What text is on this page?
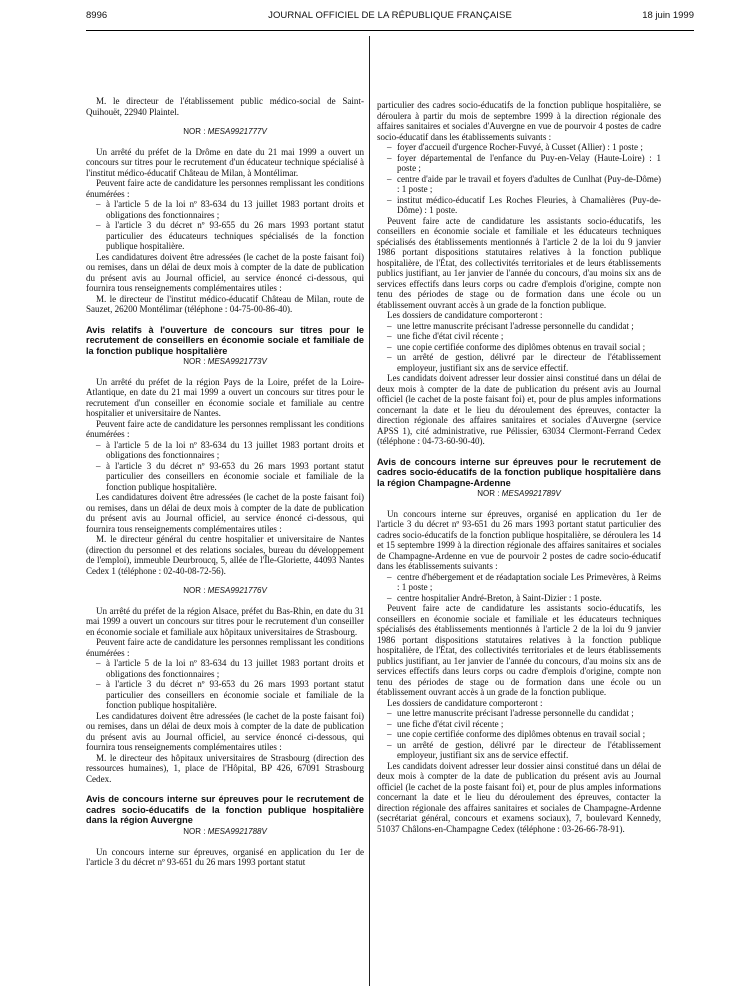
8996	JOURNAL OFFICIEL DE LA RÉPUBLIQUE FRANÇAISE	18 juin 1999

M. le directeur de l'établissement public médico-social de Saint-Quihouët, 22940 Plaintel.

NOR : MESA9921777V

Un arrêté du préfet de la Drôme en date du 21 mai 1999 a ouvert un concours sur titres pour le recrutement d'un éducateur technique spécialisé à l'institut médico-éducatif Château de Milan, à Montélimar.

Peuvent faire acte de candidature les personnes remplissant les conditions énumérées :

– à l'article 5 de la loi nº 83-634 du 13 juillet 1983 portant droits et obligations des fonctionnaires ;
– à l'article 3 du décret nº 93-655 du 26 mars 1993 portant statut particulier des éducateurs techniques spécialisés de la fonction publique hospitalière.

Les candidatures doivent être adressées (le cachet de la poste faisant foi) ou remises, dans un délai de deux mois à compter de la date de publication du présent avis au Journal officiel, au service énoncé ci-dessous, qui fournira tous renseignements complémentaires utiles :

M. le directeur de l'institut médico-éducatif Château de Milan, route de Sauzet, 26200 Montélimar (téléphone : 04-75-00-86-40).

Avis relatifs à l'ouverture de concours sur titres pour le recrutement de conseillers en économie sociale et familiale de la fonction publique hospitalière
NOR : MESA9921773V

Un arrêté du préfet de la région Pays de la Loire, préfet de la Loire-Atlantique, en date du 21 mai 1999 a ouvert un concours sur titres pour le recrutement d'un conseiller en économie sociale et familiale au centre hospitalier et universitaire de Nantes.

Peuvent faire acte de candidature les personnes remplissant les conditions énumérées :

– à l'article 5 de la loi nº 83-634 du 13 juillet 1983 portant droits et obligations des fonctionnaires ;
– à l'article 3 du décret nº 93-653 du 26 mars 1993 portant statut particulier des conseillers en économie sociale et familiale de la fonction publique hospitalière.

Les candidatures doivent être adressées (le cachet de la poste faisant foi) ou remises, dans un délai de deux mois à compter de la date de publication du présent avis au Journal officiel, au service énoncé ci-dessous, qui fournira tous renseignements complémentaires utiles :

M. le directeur général du centre hospitalier et universitaire de Nantes (direction du personnel et des relations sociales, bureau du développement de l'emploi), immeuble Deurbroucq, 5, allée de l'Île-Gloriette, 44093 Nantes Cedex 1 (téléphone : 02-40-08-72-56).

NOR : MESA9921776V

Un arrêté du préfet de la région Alsace, préfet du Bas-Rhin, en date du 31 mai 1999 a ouvert un concours sur titres pour le recrutement d'un conseiller en économie sociale et familiale aux hôpitaux universitaires de Strasbourg.

Peuvent faire acte de candidature les personnes remplissant les conditions énumérées :

– à l'article 5 de la loi nº 83-634 du 13 juillet 1983 portant droits et obligations des fonctionnaires ;
– à l'article 3 du décret nº 93-653 du 26 mars 1993 portant statut particulier des conseillers en économie sociale et familiale de la fonction publique hospitalière.

Les candidatures doivent être adressées (le cachet de la poste faisant foi) ou remises, dans un délai de deux mois à compter de la date de publication du présent avis au Journal officiel, au service énoncé ci-dessous, qui fournira tous renseignements complémentaires utiles :

M. le directeur des hôpitaux universitaires de Strasbourg (direction des ressources humaines), 1, place de l'Hôpital, BP 426, 67091 Strasbourg Cedex.

Avis de concours interne sur épreuves pour le recrutement de cadres socio-éducatifs de la fonction publique hospitalière dans la région Auvergne
NOR : MESA9921788V

Un concours interne sur épreuves, organisé en application du 1er de l'article 3 du décret nº 93-651 du 26 mars 1993 portant statut

particulier des cadres socio-éducatifs de la fonction publique hospitalière, se déroulera à partir du mois de septembre 1999 à la direction régionale des affaires sanitaires et sociales d'Auvergne en vue de pourvoir 4 postes de cadre socio-éducatif dans les établissements suivants :

– foyer d'accueil d'urgence Rocher-Fuvyé, à Cusset (Allier) : 1 poste ;
– foyer départemental de l'enfance du Puy-en-Velay (Haute-Loire) : 1 poste ;
– centre d'aide par le travail et foyers d'adultes de Cunlhat (Puy-de-Dôme) : 1 poste ;
– institut médico-éducatif Les Roches Fleuries, à Chamalières (Puy-de-Dôme) : 1 poste.

Peuvent faire acte de candidature les assistants socio-éducatifs, les conseillers en économie sociale et familiale et les éducateurs techniques spécialisés des établissements mentionnés à l'article 2 de la loi du 9 janvier 1986 portant dispositions statutaires relatives à la fonction publique hospitalière, de l'État, des collectivités territoriales et de leurs établissements publics justifiant, au 1er janvier de l'année du concours, d'au moins six ans de services effectifs dans leurs corps ou cadre d'emplois d'origine, compte non tenu des périodes de stage ou de formation dans une école ou un établissement ouvrant accès à un grade de la fonction publique.

Les dossiers de candidature comporteront :

– une lettre manuscrite précisant l'adresse personnelle du candidat ;
– une fiche d'état civil récente ;
– une copie certifiée conforme des diplômes obtenus en travail social ;
– un arrêté de gestion, délivré par le directeur de l'établissement employeur, justifiant six ans de service effectif.

Les candidats doivent adresser leur dossier ainsi constitué dans un délai de deux mois à compter de la date de publication du présent avis au Journal officiel (le cachet de la poste faisant foi) et, pour de plus amples informations concernant la date et le lieu du déroulement des épreuves, contacter la direction régionale des affaires sanitaires et sociales d'Auvergne (service APSS 1), cité administrative, rue Pélissier, 63034 Clermont-Ferrand Cedex (téléphone : 04-73-60-90-40).

Avis de concours interne sur épreuves pour le recrutement de cadres socio-éducatifs de la fonction publique hospitalière dans la région Champagne-Ardenne
NOR : MESA9921789V

Un concours interne sur épreuves, organisé en application du 1er de l'article 3 du décret nº 93-651 du 26 mars 1993 portant statut particulier des cadres socio-éducatifs de la fonction publique hospitalière, se déroulera les 14 et 15 septembre 1999 à la direction régionale des affaires sanitaires et sociales de Champagne-Ardenne en vue de pourvoir 2 postes de cadre socio-éducatif dans les établissements suivants :

– centre d'hébergement et de réadaptation sociale Les Primevères, à Reims : 1 poste ;
– centre hospitalier André-Breton, à Saint-Dizier : 1 poste.

Peuvent faire acte de candidature les assistants socio-éducatifs, les conseillers en économie sociale et familiale et les éducateurs techniques spécialisés des établissements mentionnés à l'article 2 de la loi du 9 janvier 1986 portant dispositions statutaires relatives à la fonction publique hospitalière, de l'État, des collectivités territoriales et de leurs établissements publics justifiant, au 1er janvier de l'année du concours, d'au moins six ans de services effectifs dans leurs corps ou cadre d'emplois d'origine, compte non tenu des périodes de stage ou de formation dans une école ou un établissement ouvrant accès à un grade de la fonction publique.

Les dossiers de candidature comporteront :

– une lettre manuscrite précisant l'adresse personnelle du candidat ;
– une fiche d'état civil récente ;
– une copie certifiée conforme des diplômes obtenus en travail social ;
– un arrêté de gestion, délivré par le directeur de l'établissement employeur, justifiant six ans de service effectif.

Les candidats doivent adresser leur dossier ainsi constitué dans un délai de deux mois à compter de la date de publication du présent avis au Journal officiel (le cachet de la poste faisant foi) et, pour de plus amples informations concernant la date et le lieu du déroulement des épreuves, contacter la direction régionale des affaires sanitaires et sociales de Champagne-Ardenne (secrétariat général, concours et examens sociaux), 7, boulevard Kennedy, 51037 Châlons-en-Champagne Cedex (téléphone : 03-26-66-78-91).
